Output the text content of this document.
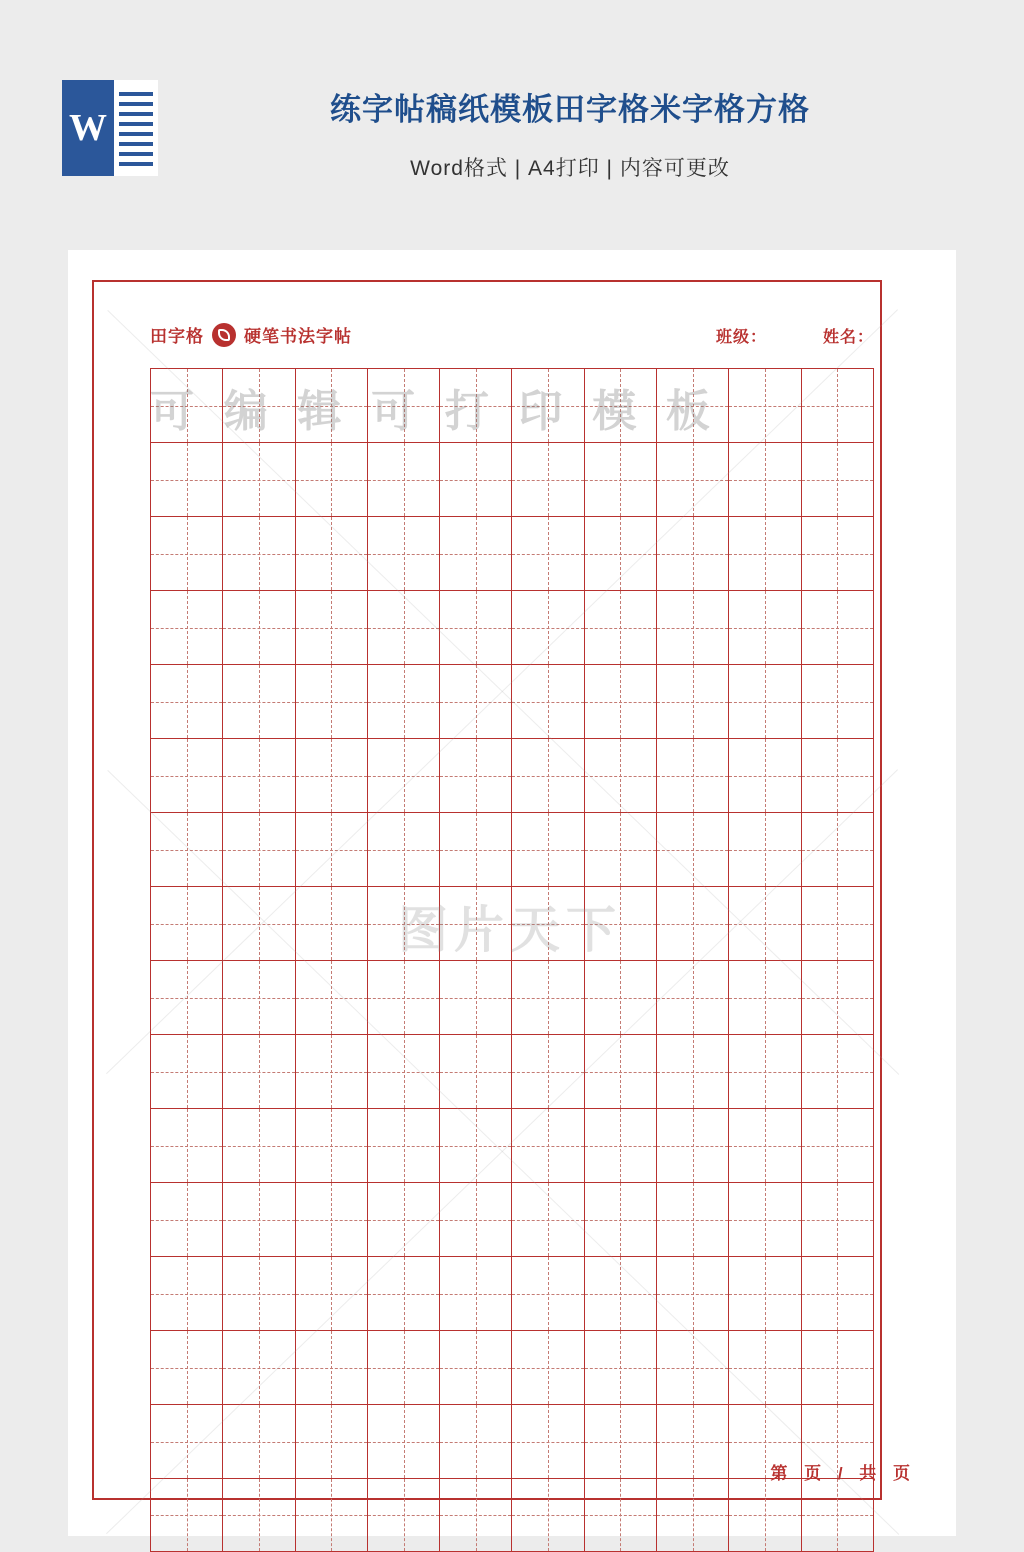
W	练字帖稿纸模板田字格米字格方格
Word格式 | A4打印 | 内容可更改
田字格 硬笔书法字帖	班级：	姓名：
可 编 辑 可 打 印 模 板
图片天下
第 页 / 共 页
